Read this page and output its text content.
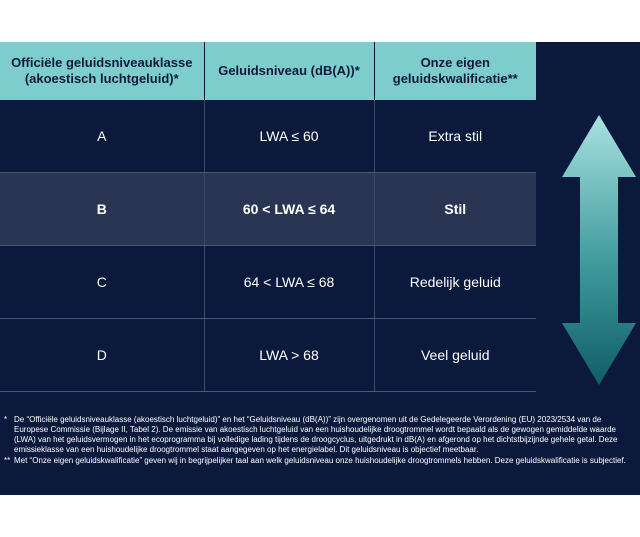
Officiële geluidsniveauklasse (akoestisch luchtgeluid)*	Geluidsniveau (dB(A))*	Onze eigen geluidskwalificatie**
A	LWA ≤ 60	Extra stil
B	60 < LWA ≤ 64	Stil
C	64 < LWA ≤ 68	Redelijk geluid
D	LWA > 68	Veel geluid
* De “Officiële geluidsniveauklasse (akoestisch luchtgeluid)” en het “Geluidsniveau (dB(A))” zijn overgenomen uit de Gedelegeerde Verordening (EU) 2023/2534 van de Europese Commissie (Bijlage II, Tabel 2). De emissie van akoestisch luchtgeluid van een huishoudelijke droogtrommel wordt bepaald als de gewogen gemiddelde waarde (LWA) van het geluidsvermogen in het ecoprogramma bij volledige lading tijdens de droogcyclus, uitgedrukt in dB(A) en afgerond op het dichtstbijzijnde gehele getal. Deze emissieklasse van een huishoudelijke droogtrommel staat aangegeven op het energielabel. Dit geluidsniveau is objectief meetbaar.
** Met “Onze eigen geluidskwalificatie” geven wij in begrijpelijker taal aan welk geluidsniveau onze huishoudelijke droogtrommels hebben. Deze geluidskwalificatie is subjectief.
